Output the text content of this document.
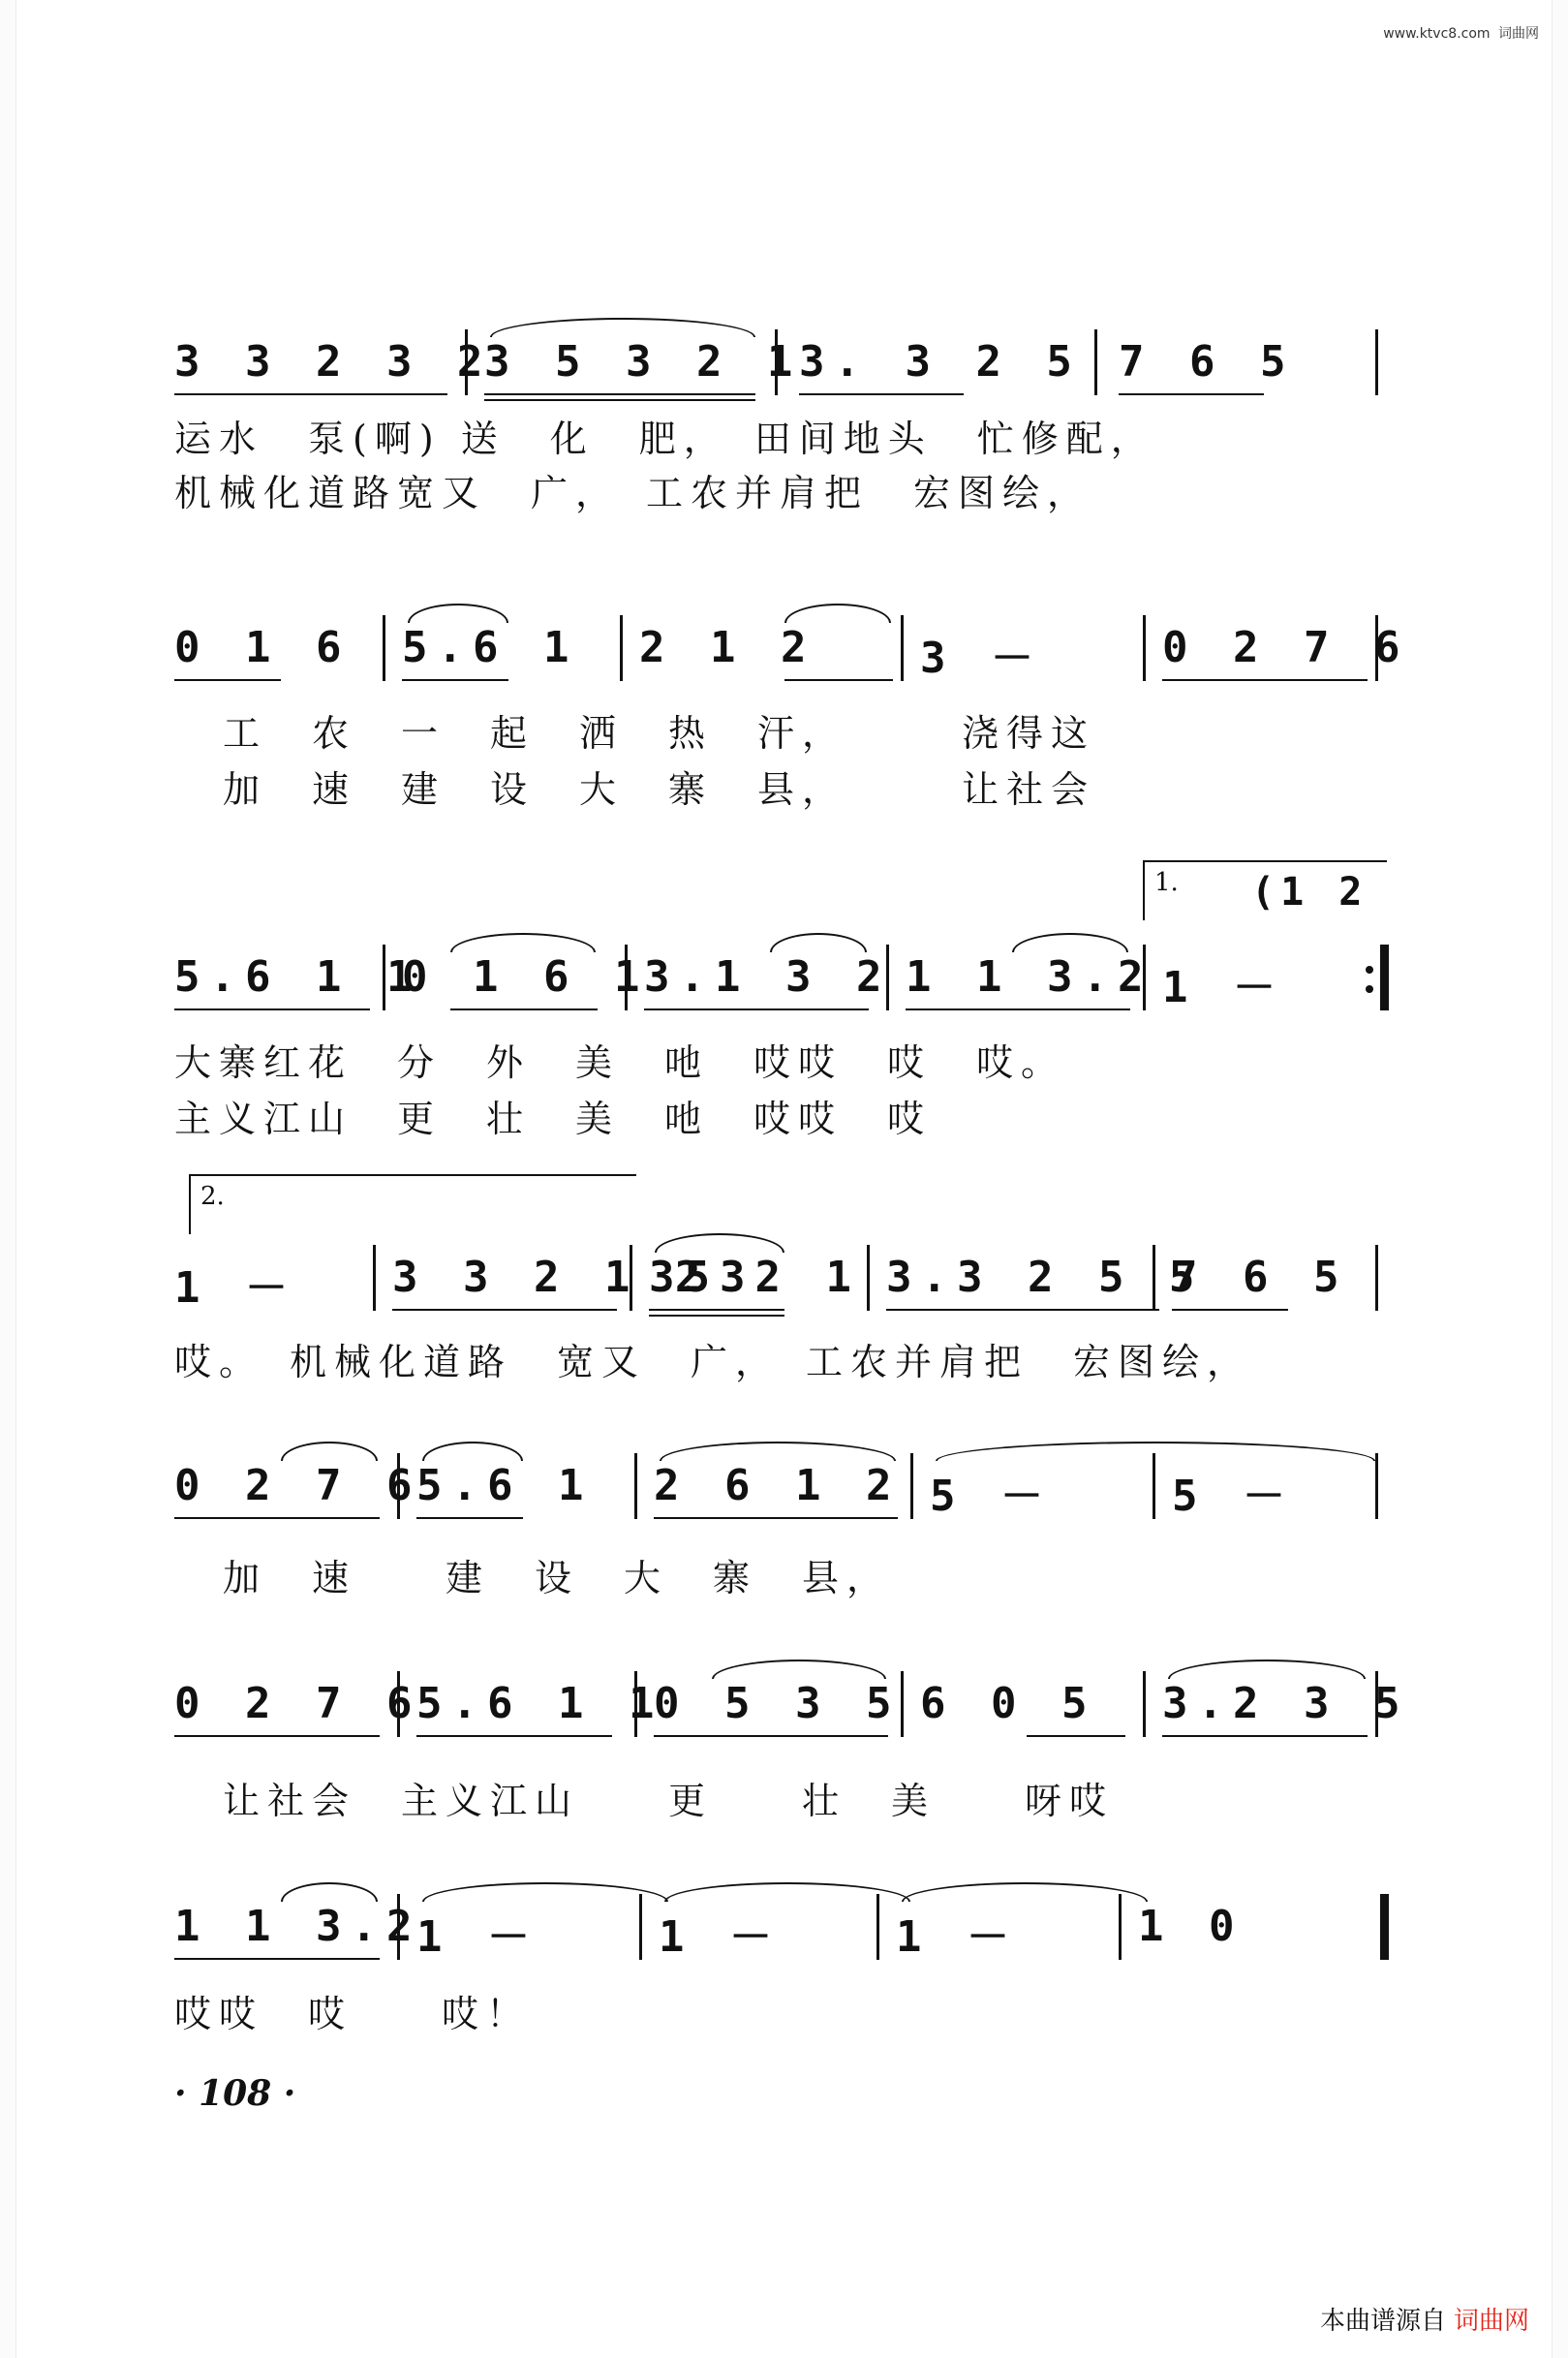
www.ktvc8.com 词曲网
3 3 2 3 2
3 5 3 2 1
3. 3 2 5 7 6 5
运水　泵(啊) 送　化　肥，　田间地头　忙修配，
机械化道路宽又　广，　工农并肩把　宏图绘，
0 1 6 5.6 1 2 1 2 3 －	0 2 7 6
工　农　一　起　洒　热　汗，　　　浇得这
加　速　建　设　大　寨　县，　　　让社会
1. (1 2
5.6 1 1
0 1 6 1
3.1 3 2 1 1 3.2 1 －
大寨红花　分　外　美　吔　哎哎　哎　哎。
主义江山　更　壮　美　吔　哎哎　哎
2.
1 － 3 3 2 1 2
3532 1 3.3 2 5 5
7 6 5
哎。　机械化道路　宽又　广，　工农并肩把　宏图绘，
0 2 7 6
5.6 1 2 6 1 2 5 －	5 －
加　速　　建　设　大　寨　县，
0 2 7 6
5.6 1 1
0 5 3 5 6 0 5 3.2 3 5
让社会　主义江山　　更　　壮　美　　呀哎
1 1 3.2
1 －	1 －	1 －	1 0
哎哎　哎　　哎！
· 108 ·
本曲谱源自 词曲网
